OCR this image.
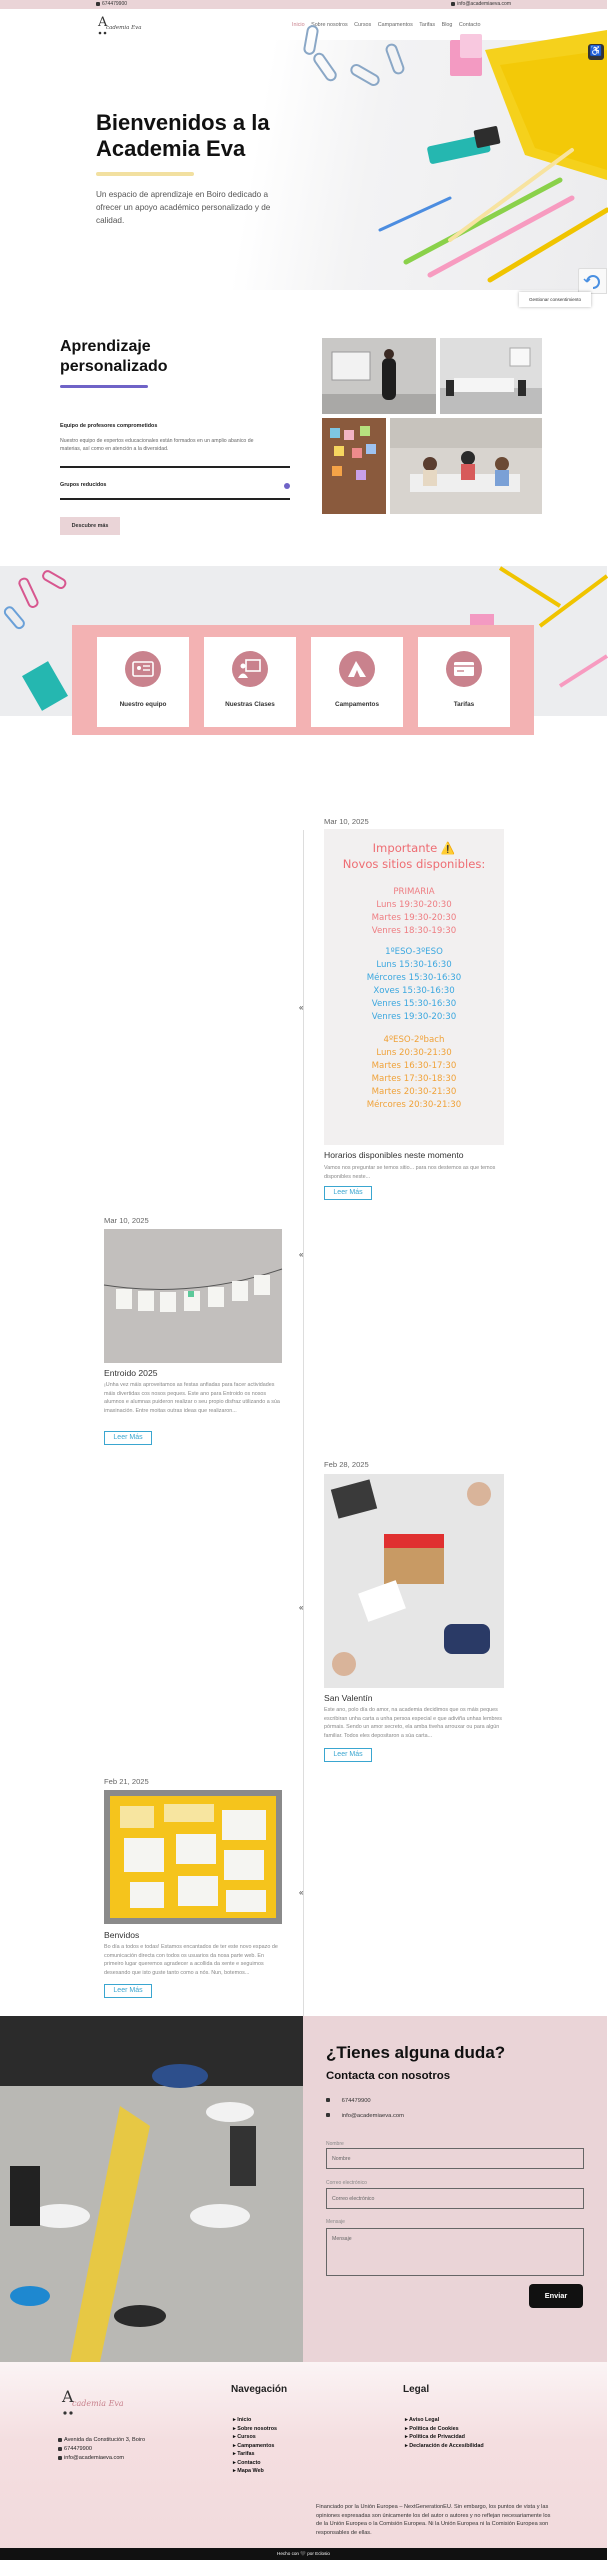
674479900	info@academiaeva.com
A
cademia Eva	Inicio Sobre nosotros Cursos Campamentos Tarifas Blog Contacto
Bienvenidos a la Academia Eva
Un espacio de aprendizaje en Boiro dedicado a ofrecer un apoyo académico personalizado y de calidad.
♿
Gestionar consentimiento
Aprendizaje personalizado
Equipo de profesores comprometidos
Nuestro equipo de expertos educacionales están formados en un amplio abanico de materias, así como en atención a la diversidad.
Grupos reducidos
Descubre más
Nuestro equipo	Nuestras Clases	Campamentos	Tarifas
«
«
«
«
Mar 10, 2025
Importante ⚠️
Novos sitios disponibles:
PRIMARIA
Luns 19:30-20:30
Martes 19:30-20:30
Venres 18:30-19:30
1ºESO-3ºESO
Luns 15:30-16:30
Mércores 15:30-16:30
Xoves 15:30-16:30
Venres 15:30-16:30
Venres 19:30-20:30
4ºESO-2ºbach
Luns 20:30-21:30
Martes 16:30-17:30
Martes 17:30-18:30
Martes 20:30-21:30
Mércores 20:30-21:30
Horarios disponibles neste momento
Vamos nos preguntar se temos sitio... para nos destemos as que temos disponibles neste...
Leer Más
Mar 10, 2025
Entroido 2025
¡Unha vez máis aproveitamos as festas anfiadas para facer actividades máis divertidas cos nosos peques. Este ano para Entroido os nosos alumnos e alumnas puideron realizar o seu propio disfraz utilizando a súa imaxinación. Entre moitas outras ideas que realizaron...
Leer Más
Feb 28, 2025
San Valentín
Este ano, polo día do amor, na academia decidimos que os máis peques escribiran unha carta a unha persoa especial e que adiviña unhas lembres pórmais. Sendo un amor secreto, ela amba tiveha arrouxar ou para algún familiar. Todos eles depositaron a súa carta...
Leer Más
Feb 21, 2025
Benvidos
Bo día a todos e todas! Estamos encantados de ter este novo espazo de comunicación directa con todos os usuarios da nosa parte web. En primeiro lugar queremos agradecer a acollida da xente e seguimos desexando que isto guste tanto como a nós. Nun, botemos...
Leer Más
¿Tienes alguna duda?
Contacta con nosotros
674479900
info@academiaeva.com
Nombre
Nombre
Correo electrónico
Correo electrónico
Mensaje
Mensaje
Enviar
A
cademia Eva
Avenida da Constitución 3, Boiro
674479900
info@academiaeva.com
Navegación
▸ Inicio
▸ Sobre nosotros
▸ Cursos
▸ Campamentos
▸ Tarifas
▸ Contacto
▸ Mapa Web
Legal
▸ Aviso Legal
▸ Política de Cookies
▸ Política de Privacidad
▸ Declaración de Accesibilidad
Financiado por la Unión Europea – NextGenerationEU. Sin embargo, los puntos de vista y las opiniones expresadas son únicamente los del autor o autores y no reflejan necesariamente los de la Unión Europea o la Comisión Europea. Ni la Unión Europea ni la Comisión Europea son responsables de ellas.
Hecho con 🖤 por Eclosio
